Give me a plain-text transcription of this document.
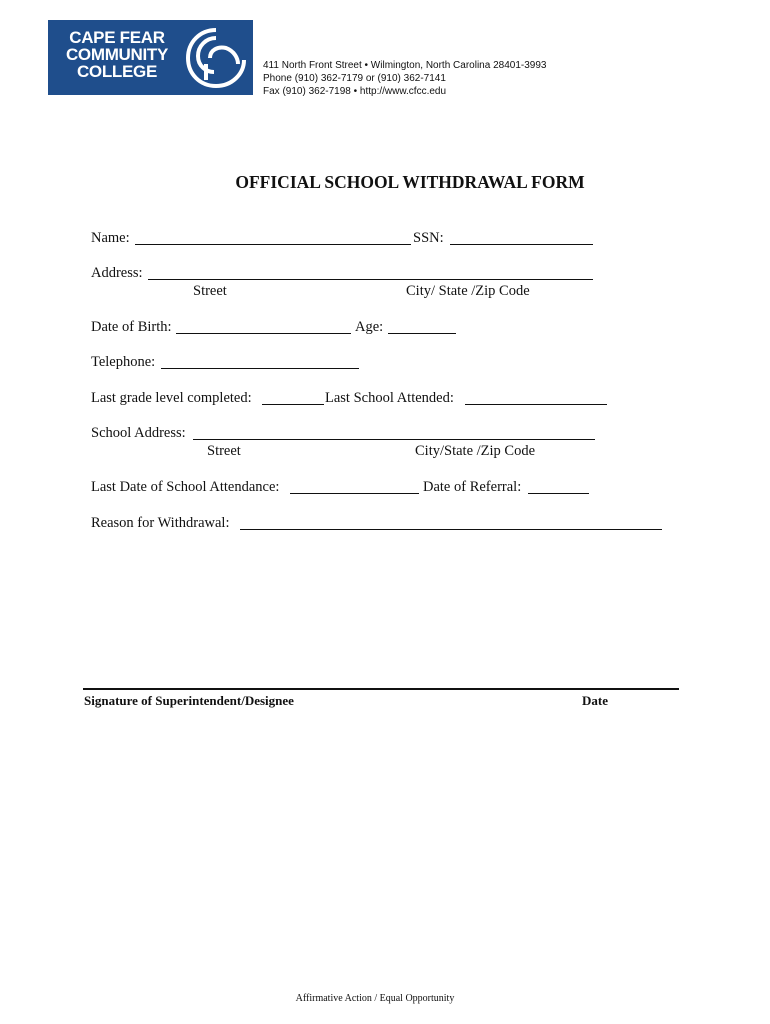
CAPE FEAR
COMMUNITY
COLLEGE	411 North Front Street • Wilmington, North Carolina 28401-3993
Phone (910) 362-7179 or (910) 362-7141
Fax (910) 362-7198 • http://www.cfcc.edu
OFFICIAL SCHOOL WITHDRAWAL FORM
Name:	SSN:
Address:
Street	City/ State /Zip Code
Date of Birth:	Age:
Telephone:
Last grade level completed:	Last School Attended:
School Address:
Street	City/State /Zip Code
Last Date of School Attendance:	Date of Referral:
Reason for Withdrawal:
Signature of Superintendent/Designee	Date
Affirmative Action / Equal Opportunity
